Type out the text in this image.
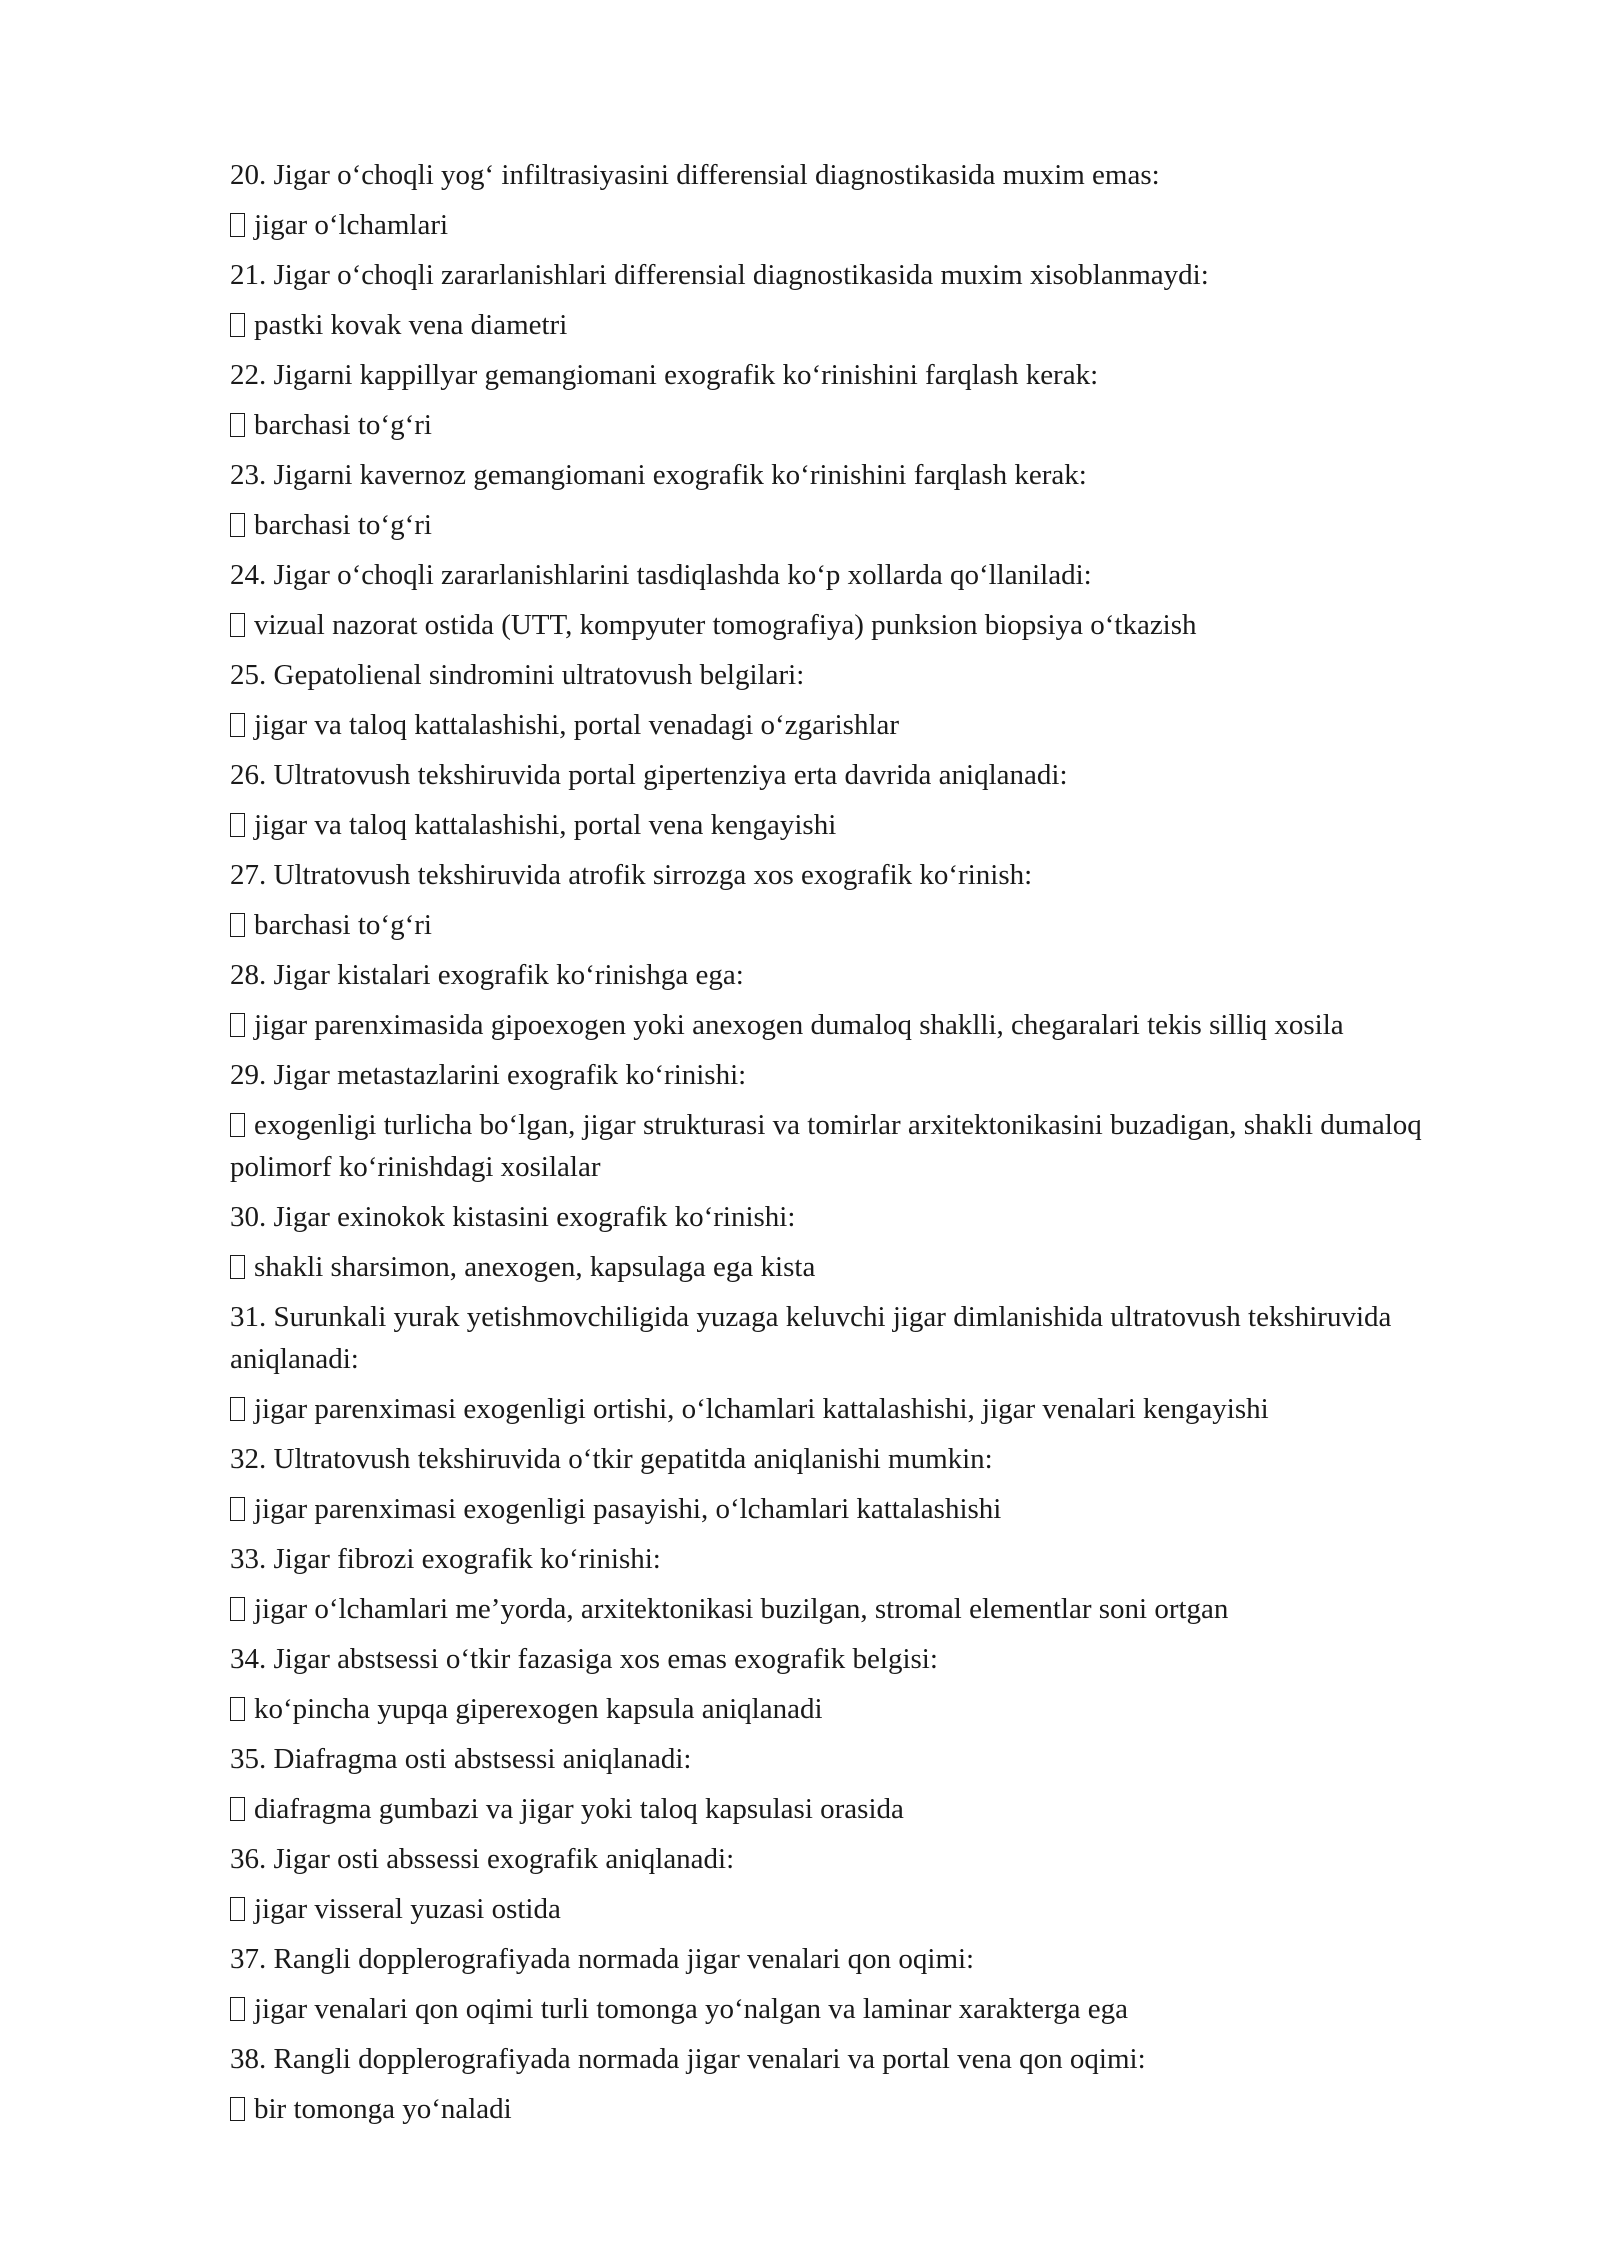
20. Jigar o‘choqli yog‘ infiltrasiyasini differensial diagnostikasida muxim emas:

jigar o‘lchamlari

21. Jigar o‘choqli zararlanishlari differensial diagnostikasida muxim xisoblanmaydi:

pastki kovak vena diametri

22. Jigarni kappillyar gemangiomani exografik ko‘rinishini farqlash kerak:

barchasi to‘g‘ri

23. Jigarni kavernoz gemangiomani exografik ko‘rinishini farqlash kerak:

barchasi to‘g‘ri

24. Jigar o‘choqli zararlanishlarini tasdiqlashda ko‘p xollarda qo‘llaniladi:

vizual nazorat ostida (UTT, kompyuter tomografiya) punksion biopsiya o‘tkazish

25. Gepatolienal sindromini ultratovush belgilari:

jigar va taloq kattalashishi, portal venadagi o‘zgarishlar

26. Ultratovush tekshiruvida portal gipertenziya erta davrida aniqlanadi:

jigar va taloq kattalashishi, portal vena kengayishi

27. Ultratovush tekshiruvida atrofik sirrozga xos exografik ko‘rinish:

barchasi to‘g‘ri

28. Jigar kistalari exografik ko‘rinishga ega:

jigar parenximasida gipoexogen yoki anexogen dumaloq shaklli, chegaralari tekis silliq xosila

29. Jigar metastazlarini exografik ko‘rinishi:

exogenligi turlicha bo‘lgan, jigar strukturasi va tomirlar arxitektonikasini buzadigan, shakli dumaloq polimorf ko‘rinishdagi xosilalar

30. Jigar exinokok kistasini exografik ko‘rinishi:

shakli sharsimon, anexogen, kapsulaga ega kista

31. Surunkali yurak yetishmovchiligida yuzaga keluvchi jigar dimlanishida ultratovush tekshiruvida aniqlanadi:

jigar parenximasi exogenligi ortishi, o‘lchamlari kattalashishi, jigar venalari kengayishi

32. Ultratovush tekshiruvida o‘tkir gepatitda aniqlanishi mumkin:

jigar parenximasi exogenligi pasayishi, o‘lchamlari kattalashishi

33. Jigar fibrozi exografik ko‘rinishi:

jigar o‘lchamlari me’yorda, arxitektonikasi buzilgan, stromal elementlar soni ortgan

34. Jigar abstsessi o‘tkir fazasiga xos emas exografik belgisi:

ko‘pincha yupqa giperexogen kapsula aniqlanadi

35. Diafragma osti abstsessi aniqlanadi:

diafragma gumbazi va jigar yoki taloq kapsulasi orasida

36. Jigar osti abssessi exografik aniqlanadi:

jigar visseral yuzasi ostida

37. Rangli dopplerografiyada normada jigar venalari qon oqimi:

jigar venalari qon oqimi turli tomonga yo‘nalgan va laminar xarakterga ega

38. Rangli dopplerografiyada normada jigar venalari va portal vena qon oqimi:

bir tomonga yo‘naladi
